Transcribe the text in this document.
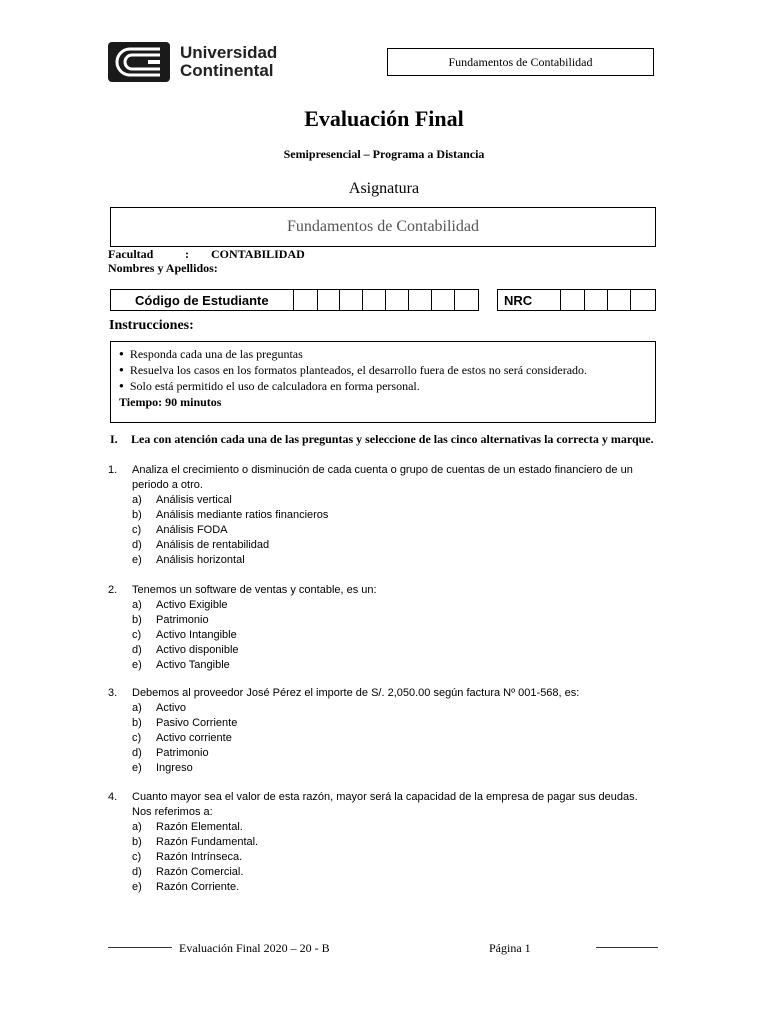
Universidad Continental	Fundamentos de Contabilidad
Evaluación Final
Semipresencial – Programa a Distancia
Asignatura
Fundamentos de Contabilidad
Facultad	: CONTABILIDAD
Nombres y Apellidos:
Código de Estudiante	NRC
Instrucciones:
● Responda cada una de las preguntas
● Resuelva los casos en los formatos planteados, el desarrollo fuera de estos no será considerado.
● Solo está permitido el uso de calculadora en forma personal.
Tiempo: 90 minutos
I. Lea con atención cada una de las preguntas y seleccione de las cinco alternativas la correcta y marque.
1. Analiza el crecimiento o disminución de cada cuenta o grupo de cuentas de un estado financiero de un periodo a otro.
a) Análisis vertical
b) Análisis mediante ratios financieros
c) Análisis FODA
d) Análisis de rentabilidad
e) Análisis horizontal
2. Tenemos un software de ventas y contable, es un:
a) Activo Exigible
b) Patrimonio
c) Activo Intangible
d) Activo disponible
e) Activo Tangible
3. Debemos al proveedor José Pérez el importe de S/. 2,050.00 según factura Nº 001-568, es:
a) Activo
b) Pasivo Corriente
c) Activo corriente
d) Patrimonio
e) Ingreso
4. Cuanto mayor sea el valor de esta razón, mayor será la capacidad de la empresa de pagar sus deudas. Nos referimos a:
a) Razón Elemental.
b) Razón Fundamental.
c) Razón Intrínseca.
d) Razón Comercial.
e) Razón Corriente.
Evaluación Final 2020 – 20 - B	Página 1
